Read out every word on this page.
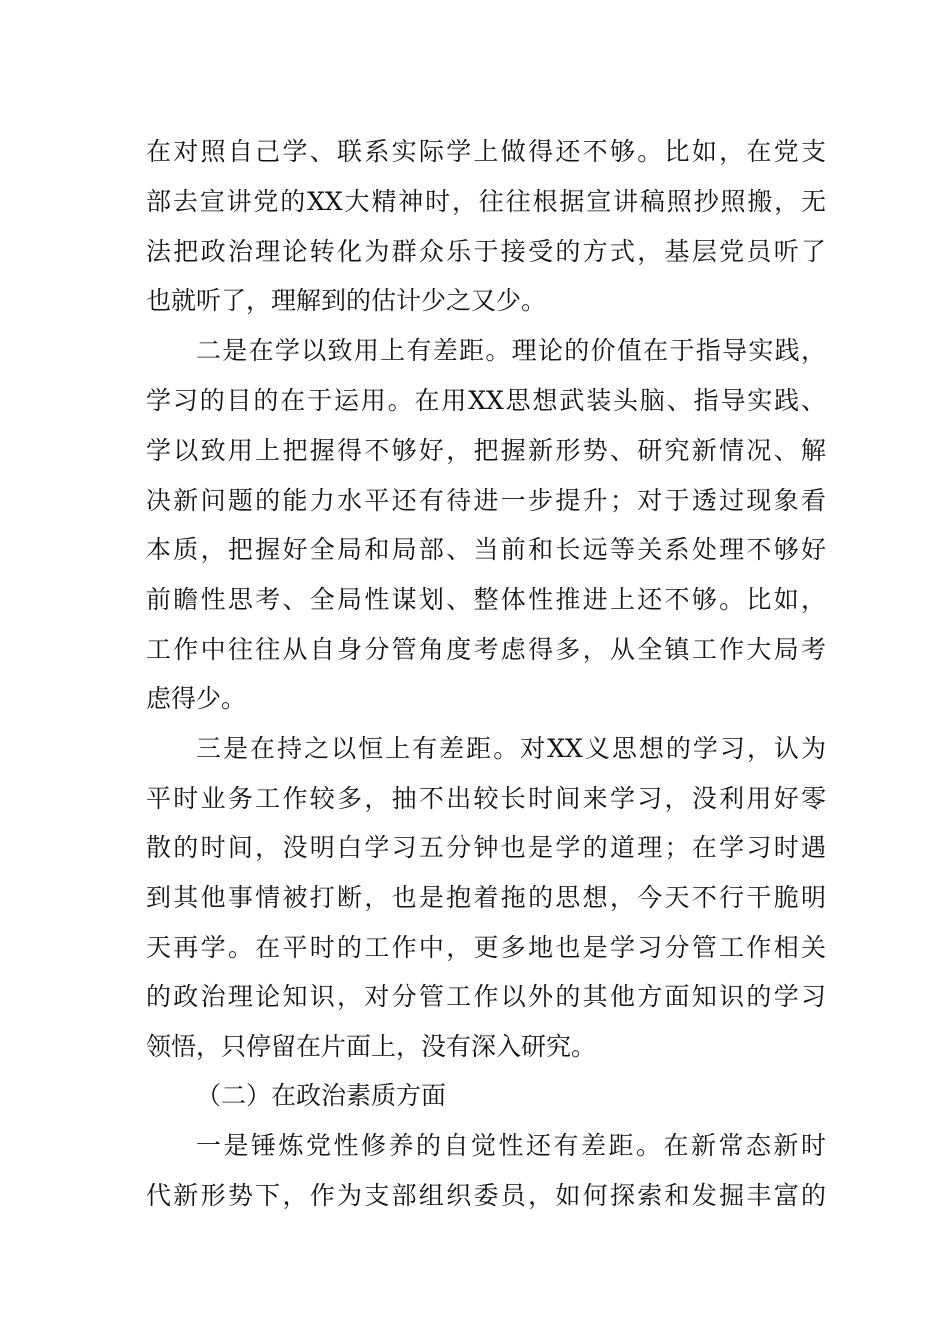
在对照自己学、联系实际学上做得还不够。比如，在党支
部去宣讲党的XX大精神时，往往根据宣讲稿照抄照搬，无
法把政治理论转化为群众乐于接受的方式，基层党员听了
也就听了，理解到的估计少之又少。
二是在学以致用上有差距。理论的价值在于指导实践，
学习的目的在于运用。在用XX思想武装头脑、指导实践、
学以致用上把握得不够好，把握新形势、研究新情况、解
决新问题的能力水平还有待进一步提升；对于透过现象看
本质，把握好全局和局部、当前和长远等关系处理不够好
前瞻性思考、全局性谋划、整体性推进上还不够。比如，
工作中往往从自身分管角度考虑得多，从全镇工作大局考
虑得少。
三是在持之以恒上有差距。对XX义思想的学习，认为
平时业务工作较多，抽不出较长时间来学习，没利用好零
散的时间，没明白学习五分钟也是学的道理；在学习时遇
到其他事情被打断，也是抱着拖的思想，今天不行干脆明
天再学。在平时的工作中，更多地也是学习分管工作相关
的政治理论知识，对分管工作以外的其他方面知识的学习
领悟，只停留在片面上，没有深入研究。
（二）在政治素质方面
一是锤炼党性修养的自觉性还有差距。在新常态新时
代新形势下，作为支部组织委员，如何探索和发掘丰富的
